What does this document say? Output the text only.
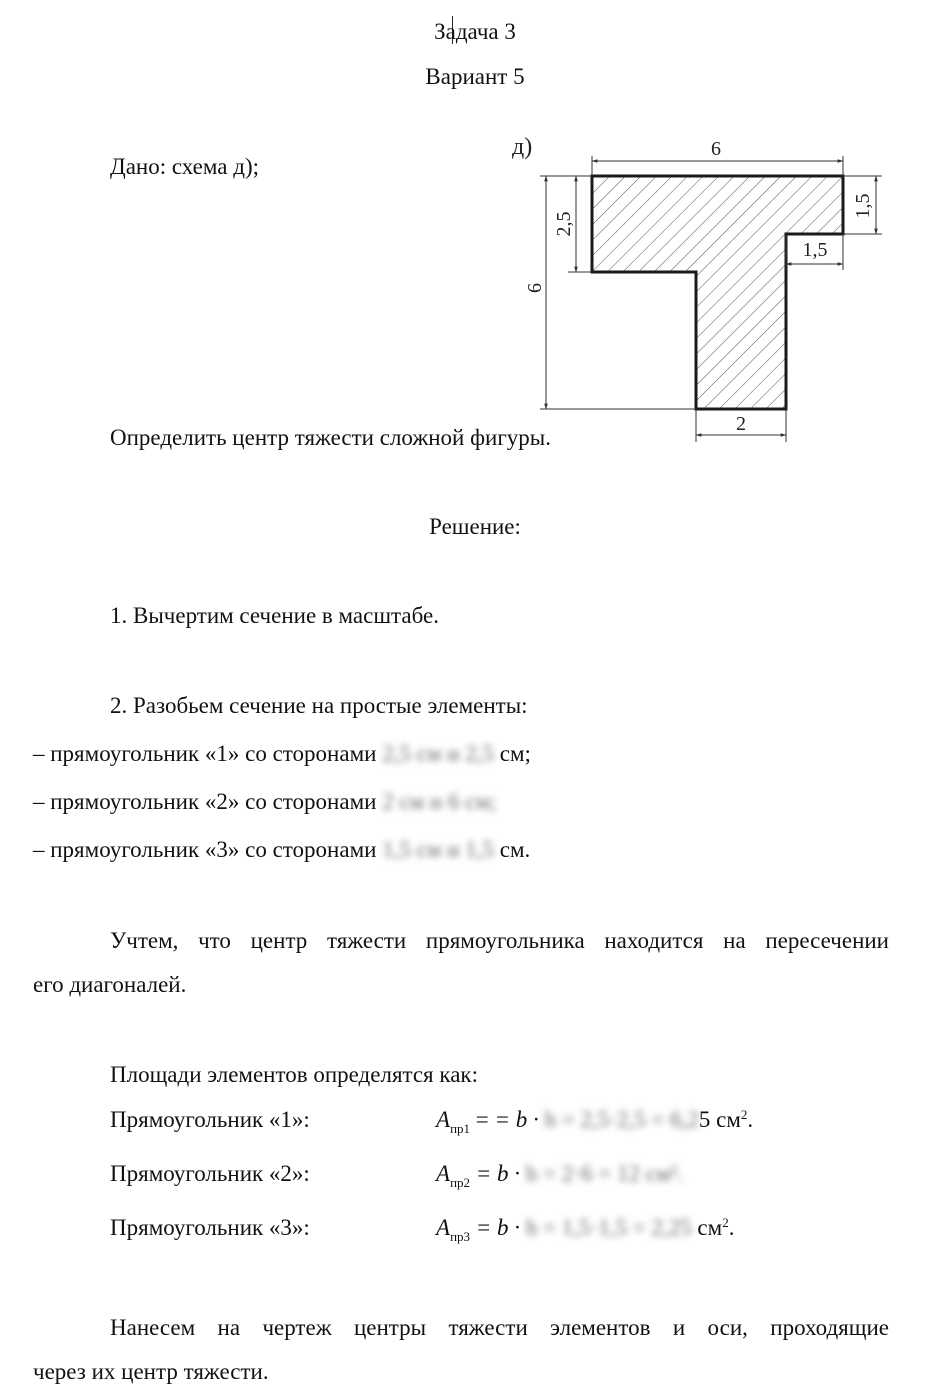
Задача 3
Вариант 5
Дано: схема д);
д)	6
2,5
6
1,5
1,5
2
Определить центр тяжести сложной фигуры.
Решение:
1. Вычертим сечение в масштабе.
2. Разобьем сечение на простые элементы:
– прямоугольник «1» со сторонами 2,5 см и 2,5 см;
– прямоугольник «2» со сторонами 2 см и 6 см;
– прямоугольник «3» со сторонами 1,5 см и 1,5 см.
Учтем, что центр тяжести прямоугольника находится на пересечении
его диагоналей.
Площади элементов определятся как:
Прямоугольник «1»:	$A_{пр1}$ = = b · h = 2,5·2,5 = 6,25 $см^2$.
Прямоугольник «2»:	$A_{пр2} = b \cdot h = 2\cdot 6 = 12$ см².
Прямоугольник «3»:	$A_{пр3} = b \cdot h = 1,5\cdot 1,5 = 2,25$ $см^2$.
Нанесем на чертеж центры тяжести элементов и оси, проходящие
через их центр тяжести.
